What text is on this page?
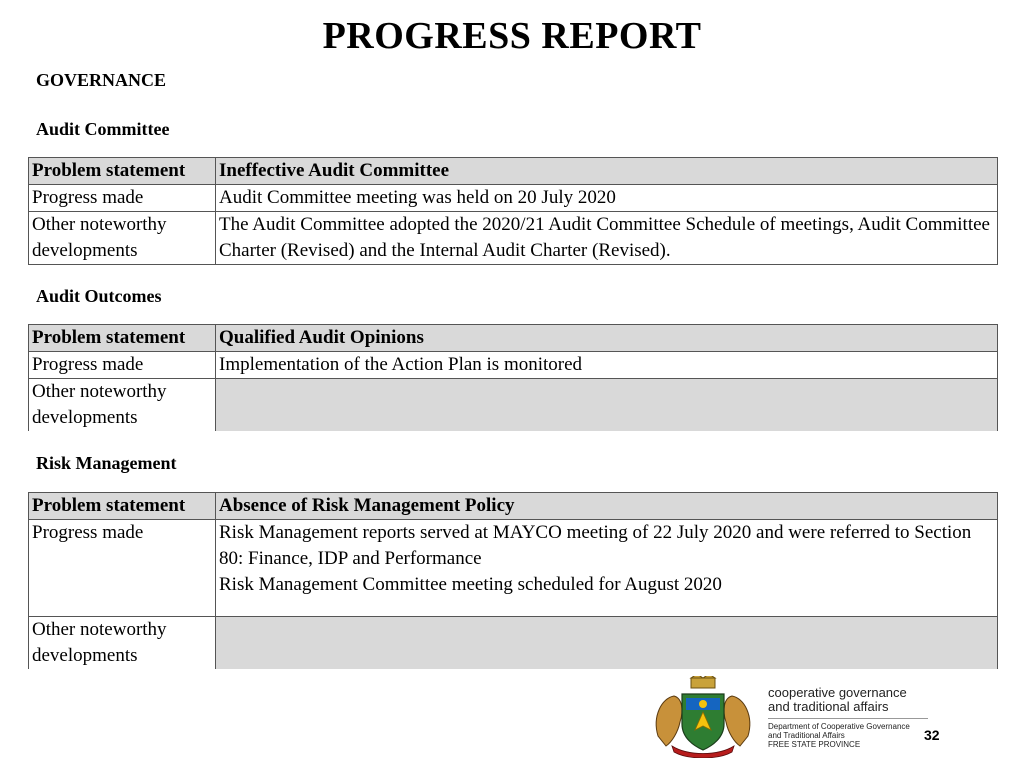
PROGRESS REPORT
GOVERNANCE
Audit Committee
Problem statement	Ineffective Audit Committee
Progress made	Audit Committee meeting was held on 20 July 2020
Other noteworthy developments	The Audit Committee adopted the 2020/21 Audit Committee Schedule of meetings, Audit Committee Charter (Revised) and the Internal Audit Charter (Revised).
Audit Outcomes
Problem statement	Qualified Audit Opinions
Progress made	Implementation of the Action Plan is monitored
Other noteworthy developments	
Risk Management
Problem statement	Absence of Risk Management Policy
Progress made	Risk Management reports served at MAYCO meeting of 22 July 2020 and were referred to Section 80: Finance, IDP and Performance
Risk Management Committee meeting scheduled for August 2020

Other noteworthy developments	
cooperative governance
and traditional affairs
Department of Cooperative Governance
and Traditional Affairs
FREE STATE PROVINCE
32
